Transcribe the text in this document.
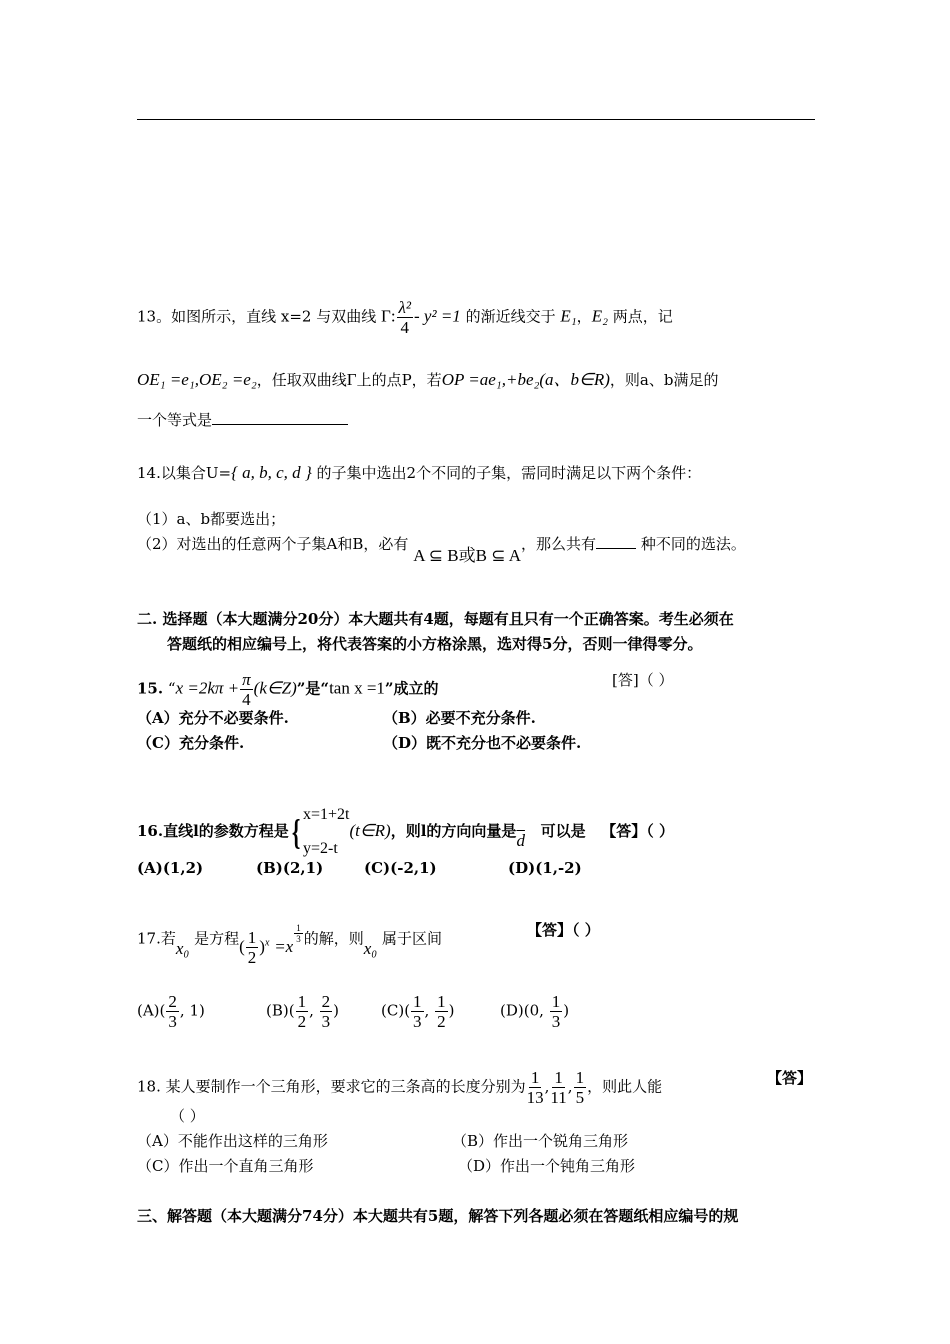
13。如图所示，直线 x=2 与双曲线 Γ: $\frac{\text{λ²}}{4} - y^2 =1$ 的渐近线交于 E₁，E₂ 两点，记
OE₁ =e₁,OE₂ =e₂，任取双曲线Γ上的点P，若OP =ae₁,+be₂(a、b∈R)，则a、b满足的
一个等式是
14.以集合U={ a, b, c, d } 的子集中选出2个不同的子集，需同时满足以下两个条件：
（1）a、b都要选出；
（2）对选出的任意两个子集A和B，必有 A ⊆ B或B ⊆ A，那么共有	种不同的选法。
二. 选择题（本大题满分20分）本大题共有4题，每题有且只有一个正确答案。考生必须在
答题纸的相应编号上，将代表答案的小方格涂黑，选对得5分，否则一律得零分。
15. “$x =2k\pi + \frac{\pi}{4}$ (k∈Z)”是“tan x =1”成立的	[答]（ ）
（A）充分不必要条件.	（B）必要不充分条件.
（C）充分条件.	（D）既不充分也不必要条件.
16.直线l的参数方程是{ x=1+2t
y=2-t
(t∈R)，则l的方向向量是$\overline{d}$ 可以是 【答】（ ）
(A)(1,2)	(B)(2,1)	(C)(-2,1)	(D)(1,-2)
17.若x₀ 是方程( $\frac{1}{2} )^x =x$
$\frac{1}{3}$ 的解，则x₀ 属于区间	【答】（ ）
$(A)( \frac{2}{3}$ , 1)	$(B)( \frac{1}{2}$ , $\frac{2}{3}$ )	$(C)( \frac{1}{3}$ , $\frac{1}{2}$ )	(D)(0, $\frac{1}{3}$ )
18. 某人要制作一个三角形，要求它的三条高的长度分别为 $\frac{1}{13}$ , $\frac{1}{11}$ , $\frac{1}{5}$ ，则此人能	【答】
（ ）
（A）不能作出这样的三角形	（B）作出一个锐角三角形
（C）作出一个直角三角形	（D）作出一个钝角三角形
三、解答题（本大题满分74分）本大题共有5题，解答下列各题必须在答题纸相应编号的规
